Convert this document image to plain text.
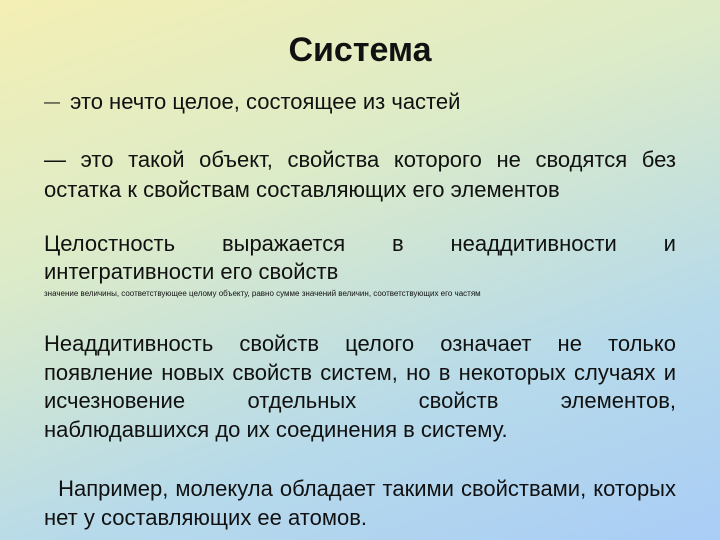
Система
— это нечто целое, состоящее из частей
— это такой объект, свойства которого не сводятся без остатка к свойствам составляющих его элементов
Целостность выражается в неаддитивности и
интегративности его свойств
значение величины, соответствующее целому объекту, равно сумме значений величин, соответствующих его частям
Неаддитивность свойств целого означает не только появление новых свойств систем, но в некоторых случаях и исчезновение отдельных свойств элементов, наблюдавшихся до их соединения в систему.
Например, молекула обладает такими свойствами, которых нет у составляющих ее атомов.
